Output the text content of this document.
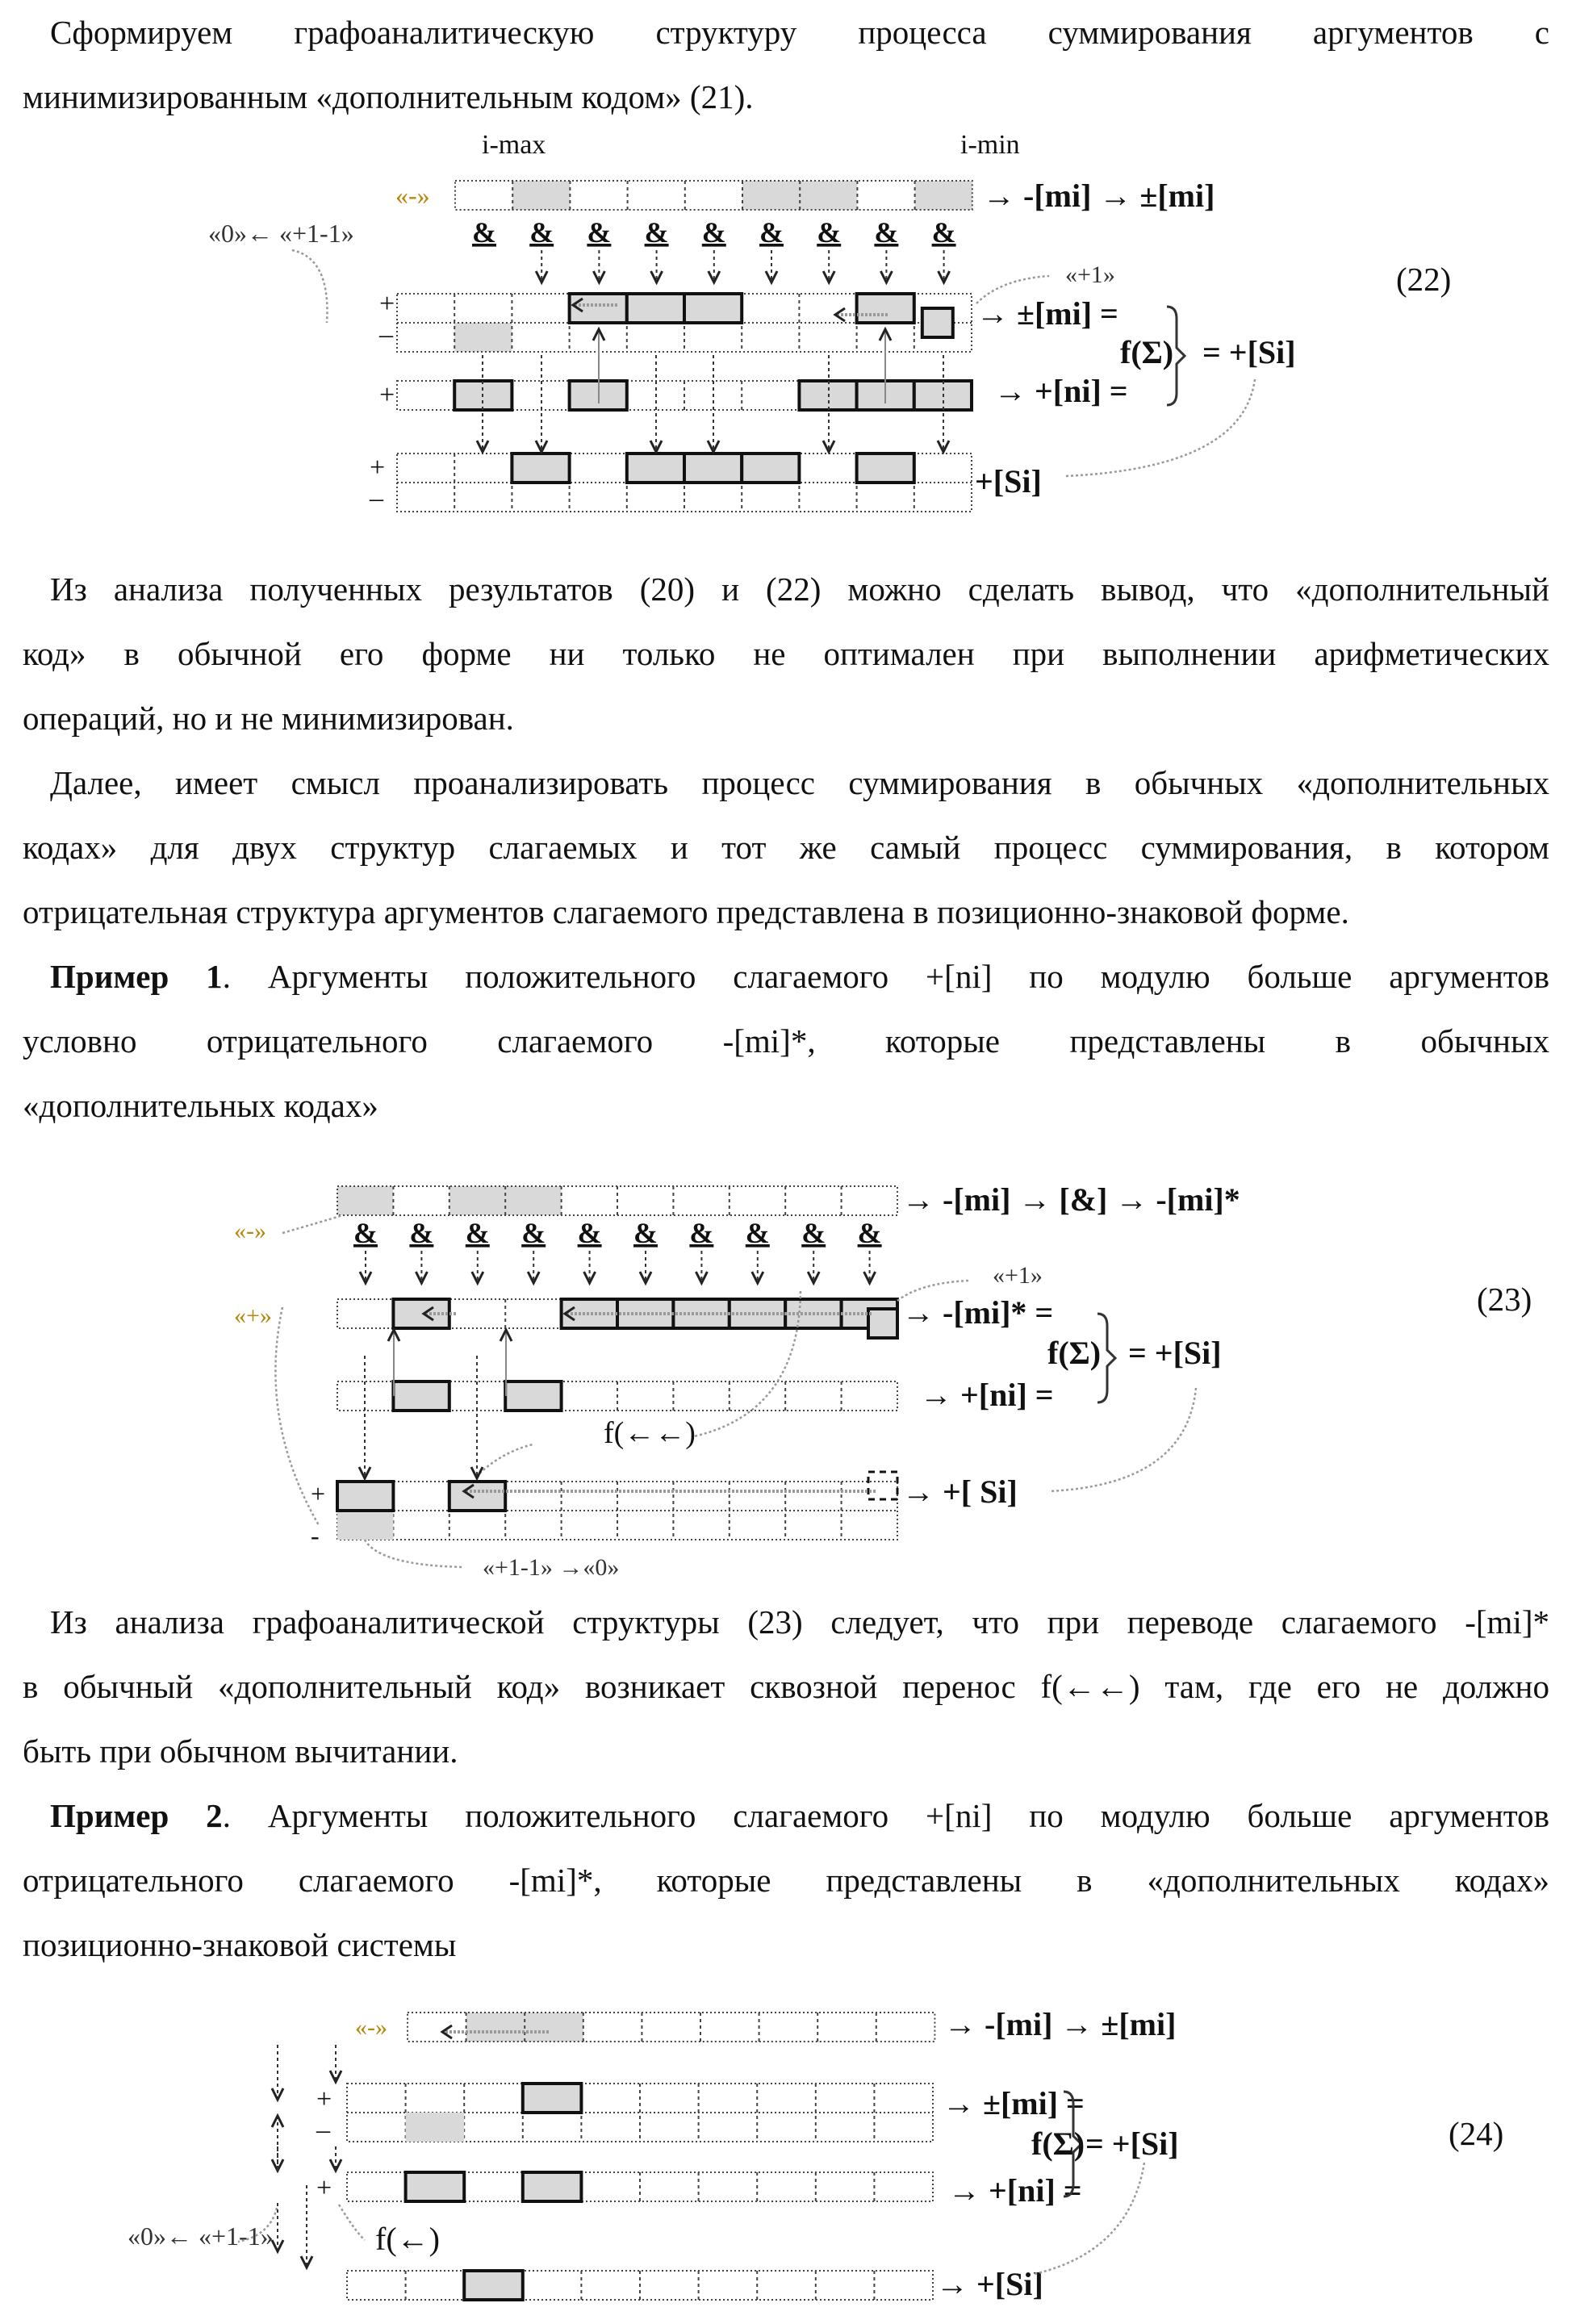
Сформируем графоаналитическую структуру процесса суммирования аргументов с
минимизированным «дополнительным кодом» (21).
i-max	i-min
«-»	→ -[mi] → ±[mi]
& & & & & & & & &
«0»← «+1-1»
+
–
→ ±[mi] =
«+1»
+	→ +[ni] =
f(Σ) = +[Si]
+
–	+[Si]
(22)
Из анализа полученных результатов (20) и (22) можно сделать вывод, что «дополнительный
код» в обычной его форме ни только не оптимален при выполнении арифметических
операций, но и не минимизирован.
Далее, имеет смысл проанализировать процесс суммирования в обычных «дополнительных
кодах» для двух структур слагаемых и тот же самый процесс суммирования, в котором
отрицательная структура аргументов слагаемого представлена в позиционно-знаковой форме.
Пример 1. Аргументы положительного слагаемого +[ni] по модулю больше аргументов
условно отрицательного слагаемого -[mi]*, которые представлены в обычных
«дополнительных кодах»
→ -[mi] → [&] → -[mi]*
«-»	& & & & & & & & & &
«+»	→ -[mi]* =
«+1»
→ +[ni] =
f(Σ) = +[Si]
f(←←)
+
-
→ +[ Si]
«+1-1» →«0»
(23)
Из анализа графоаналитической структуры (23) следует, что при переводе слагаемого -[mi]*
в обычный «дополнительный код» возникает сквозной перенос f(←←) там, где его не должно
быть при обычном вычитании.
Пример 2. Аргументы положительного слагаемого +[ni] по модулю больше аргументов
отрицательного слагаемого -[mi]*, которые представлены в «дополнительных кодах»
позиционно-знаковой системы
«-»	→ -[mi] → ±[mi]
+
–
→ ±[mi] =
+	→ +[ni] =
f(Σ) = +[Si]
«0»← «+1-1»	f(←)
→ +[Si]
(24)
